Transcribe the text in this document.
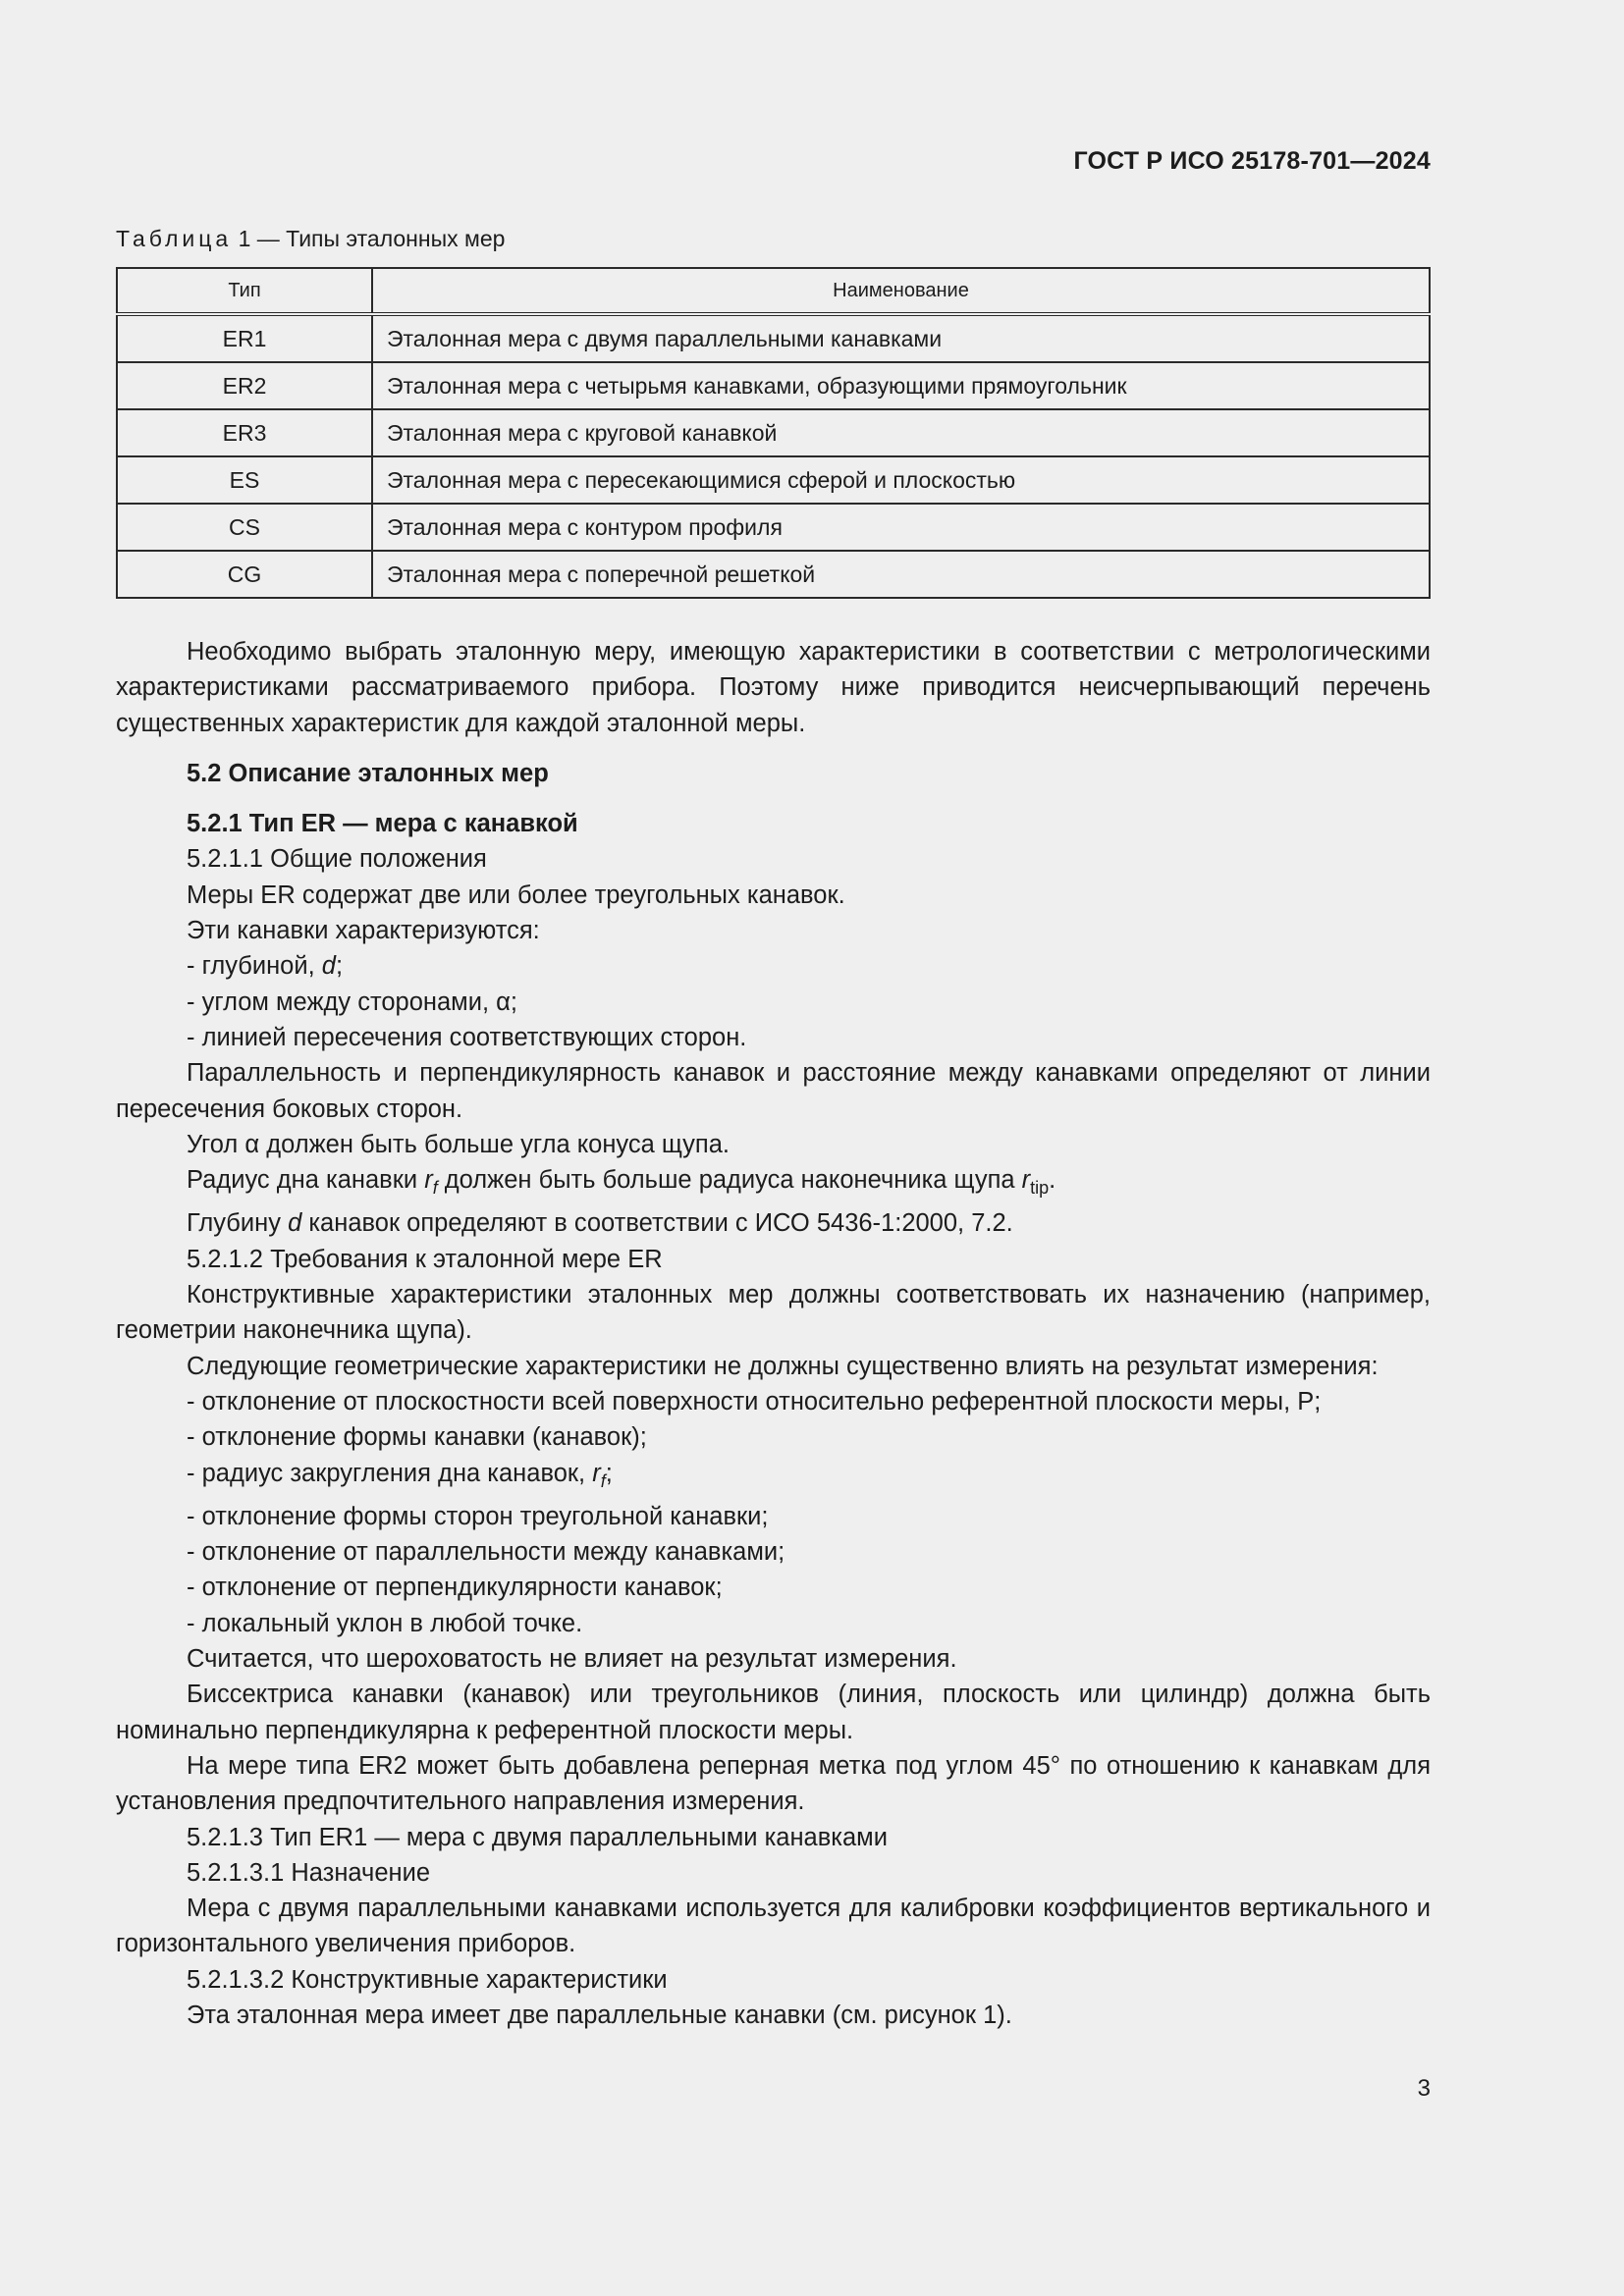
ГОСТ Р ИСО 25178-701—2024
Таблица 1 — Типы эталонных мер
Тип	Наименование
ER1	Эталонная мера с двумя параллельными канавками
ER2	Эталонная мера с четырьмя канавками, образующими прямоугольник
ER3	Эталонная мера с круговой канавкой
ES	Эталонная мера с пересекающимися сферой и плоскостью
CS	Эталонная мера с контуром профиля
CG	Эталонная мера с поперечной решеткой

Необходимо выбрать эталонную меру, имеющую характеристики в соответствии с метрологическими характеристиками рассматриваемого прибора. Поэтому ниже приводится неисчерпывающий перечень существенных характеристик для каждой эталонной меры.

5.2 Описание эталонных мер

5.2.1 Тип ER — мера с канавкой

5.2.1.1 Общие положения

Меры ER содержат две или более треугольных канавок.

Эти канавки характеризуются:

- глубиной, d;

- углом между сторонами, α;

- линией пересечения соответствующих сторон.

Параллельность и перпендикулярность канавок и расстояние между канавками определяют от линии пересечения боковых сторон.

Угол α должен быть больше угла конуса щупа.

Радиус дна канавки $r_f$ должен быть больше радиуса наконечника щупа $r_{tip}$.

Глубину d канавок определяют в соответствии с ИСО 5436-1:2000, 7.2.

5.2.1.2 Требования к эталонной мере ER

Конструктивные характеристики эталонных мер должны соответствовать их назначению (например, геометрии наконечника щупа).

Следующие геометрические характеристики не должны существенно влиять на результат измерения:

- отклонение от плоскостности всей поверхности относительно референтной плоскости меры, P;

- отклонение формы канавки (канавок);

- радиус закругления дна канавок, $r_f$;

- отклонение формы сторон треугольной канавки;

- отклонение от параллельности между канавками;

- отклонение от перпендикулярности канавок;

- локальный уклон в любой точке.

Считается, что шероховатость не влияет на результат измерения.

Биссектриса канавки (канавок) или треугольников (линия, плоскость или цилиндр) должна быть номинально перпендикулярна к референтной плоскости меры.

На мере типа ER2 может быть добавлена реперная метка под углом 45° по отношению к канавкам для установления предпочтительного направления измерения.

5.2.1.3 Тип ER1 — мера с двумя параллельными канавками

5.2.1.3.1 Назначение

Мера с двумя параллельными канавками используется для калибровки коэффициентов вертикального и горизонтального увеличения приборов.

5.2.1.3.2 Конструктивные характеристики

Эта эталонная мера имеет две параллельные канавки (см. рисунок 1).

3
